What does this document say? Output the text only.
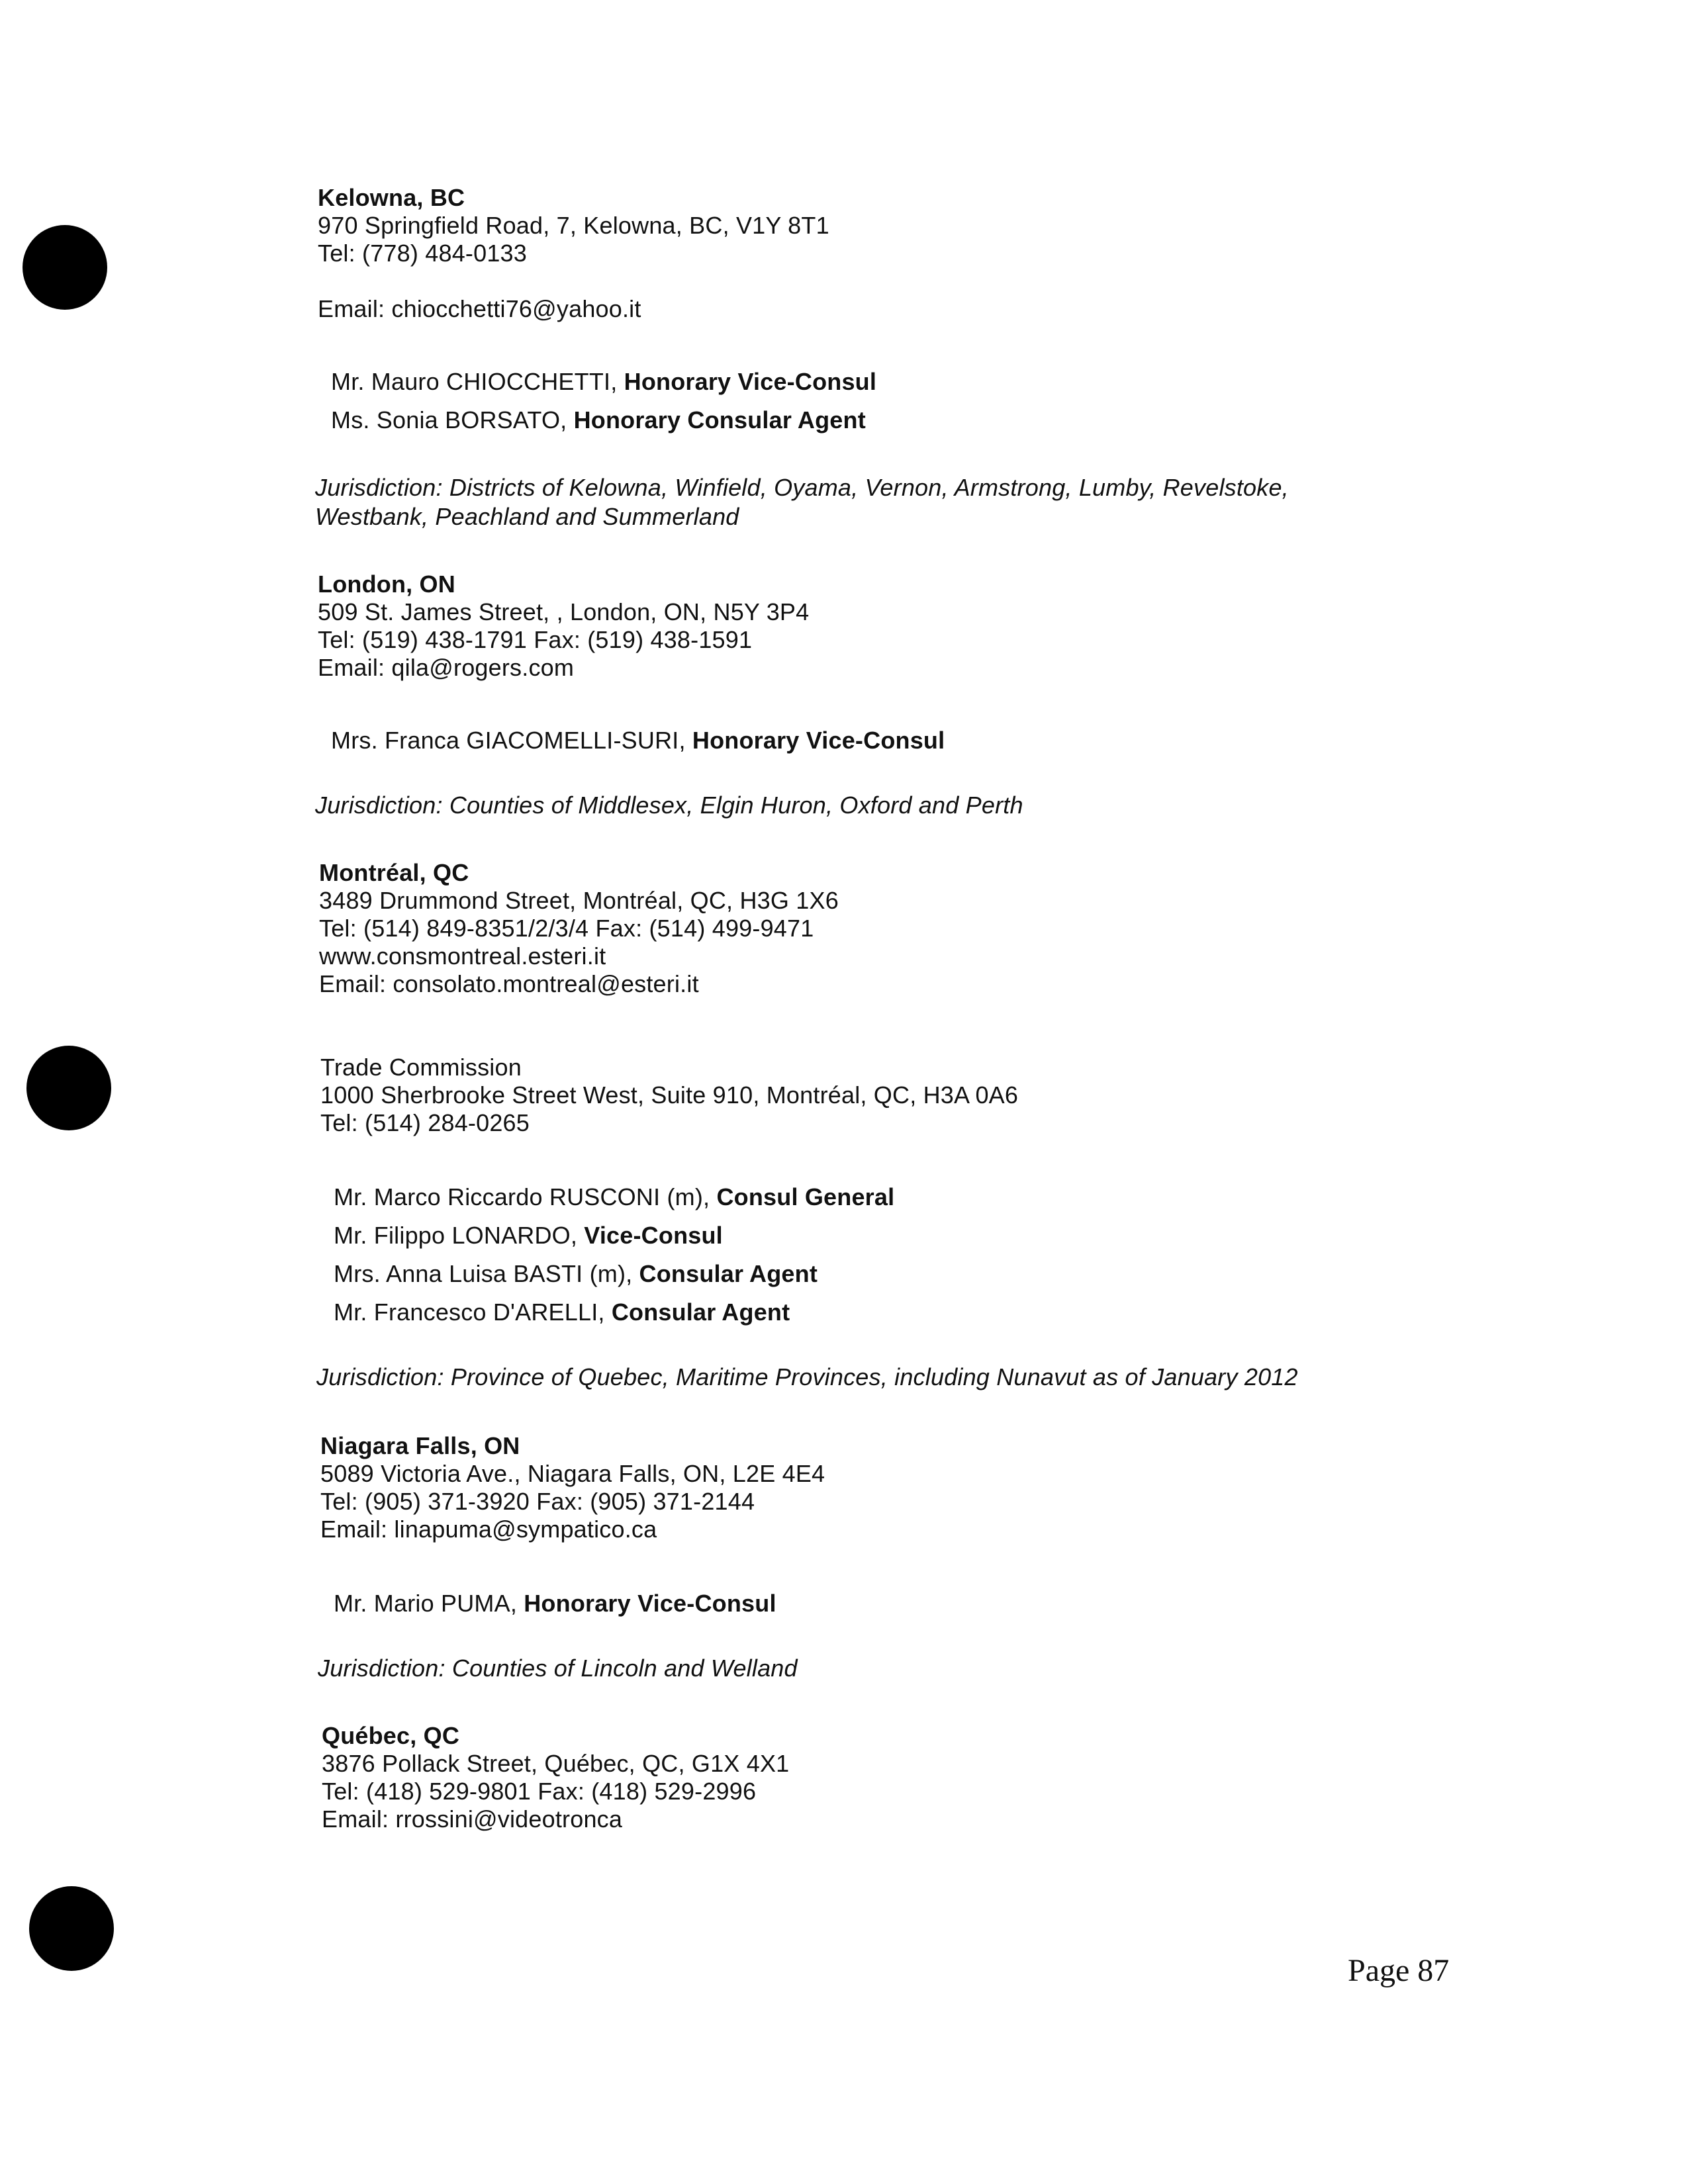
Kelowna, BC
970 Springfield Road, 7, Kelowna, BC, V1Y 8T1
Tel: (778) 484-0133
Email: chiocchetti76@yahoo.it
Mr. Mauro CHIOCCHETTI, Honorary Vice-Consul
Ms. Sonia BORSATO, Honorary Consular Agent
Jurisdiction: Districts of Kelowna, Winfield, Oyama, Vernon, Armstrong, Lumby, Revelstoke,
Westbank, Peachland and Summerland
London, ON
509 St. James Street, , London, ON, N5Y 3P4
Tel: (519) 438-1791 Fax: (519) 438-1591
Email: qila@rogers.com
Mrs. Franca GIACOMELLI-SURI, Honorary Vice-Consul
Jurisdiction: Counties of Middlesex, Elgin Huron, Oxford and Perth
Montréal, QC
3489 Drummond Street, Montréal, QC, H3G 1X6
Tel: (514) 849-8351/2/3/4 Fax: (514) 499-9471
www.consmontreal.esteri.it
Email: consolato.montreal@esteri.it
Trade Commission
1000 Sherbrooke Street West, Suite 910, Montréal, QC, H3A 0A6
Tel: (514) 284-0265
Mr. Marco Riccardo RUSCONI (m), Consul General
Mr. Filippo LONARDO, Vice-Consul
Mrs. Anna Luisa BASTI (m), Consular Agent
Mr. Francesco D'ARELLI, Consular Agent
Jurisdiction: Province of Quebec, Maritime Provinces, including Nunavut as of January 2012
Niagara Falls, ON
5089 Victoria Ave., Niagara Falls, ON, L2E 4E4
Tel: (905) 371-3920 Fax: (905) 371-2144
Email: linapuma@sympatico.ca
Mr. Mario PUMA, Honorary Vice-Consul
Jurisdiction: Counties of Lincoln and Welland
Québec, QC
3876 Pollack Street, Québec, QC, G1X 4X1
Tel: (418) 529-9801 Fax: (418) 529-2996
Email: rrossini@videotronca
Page 87
